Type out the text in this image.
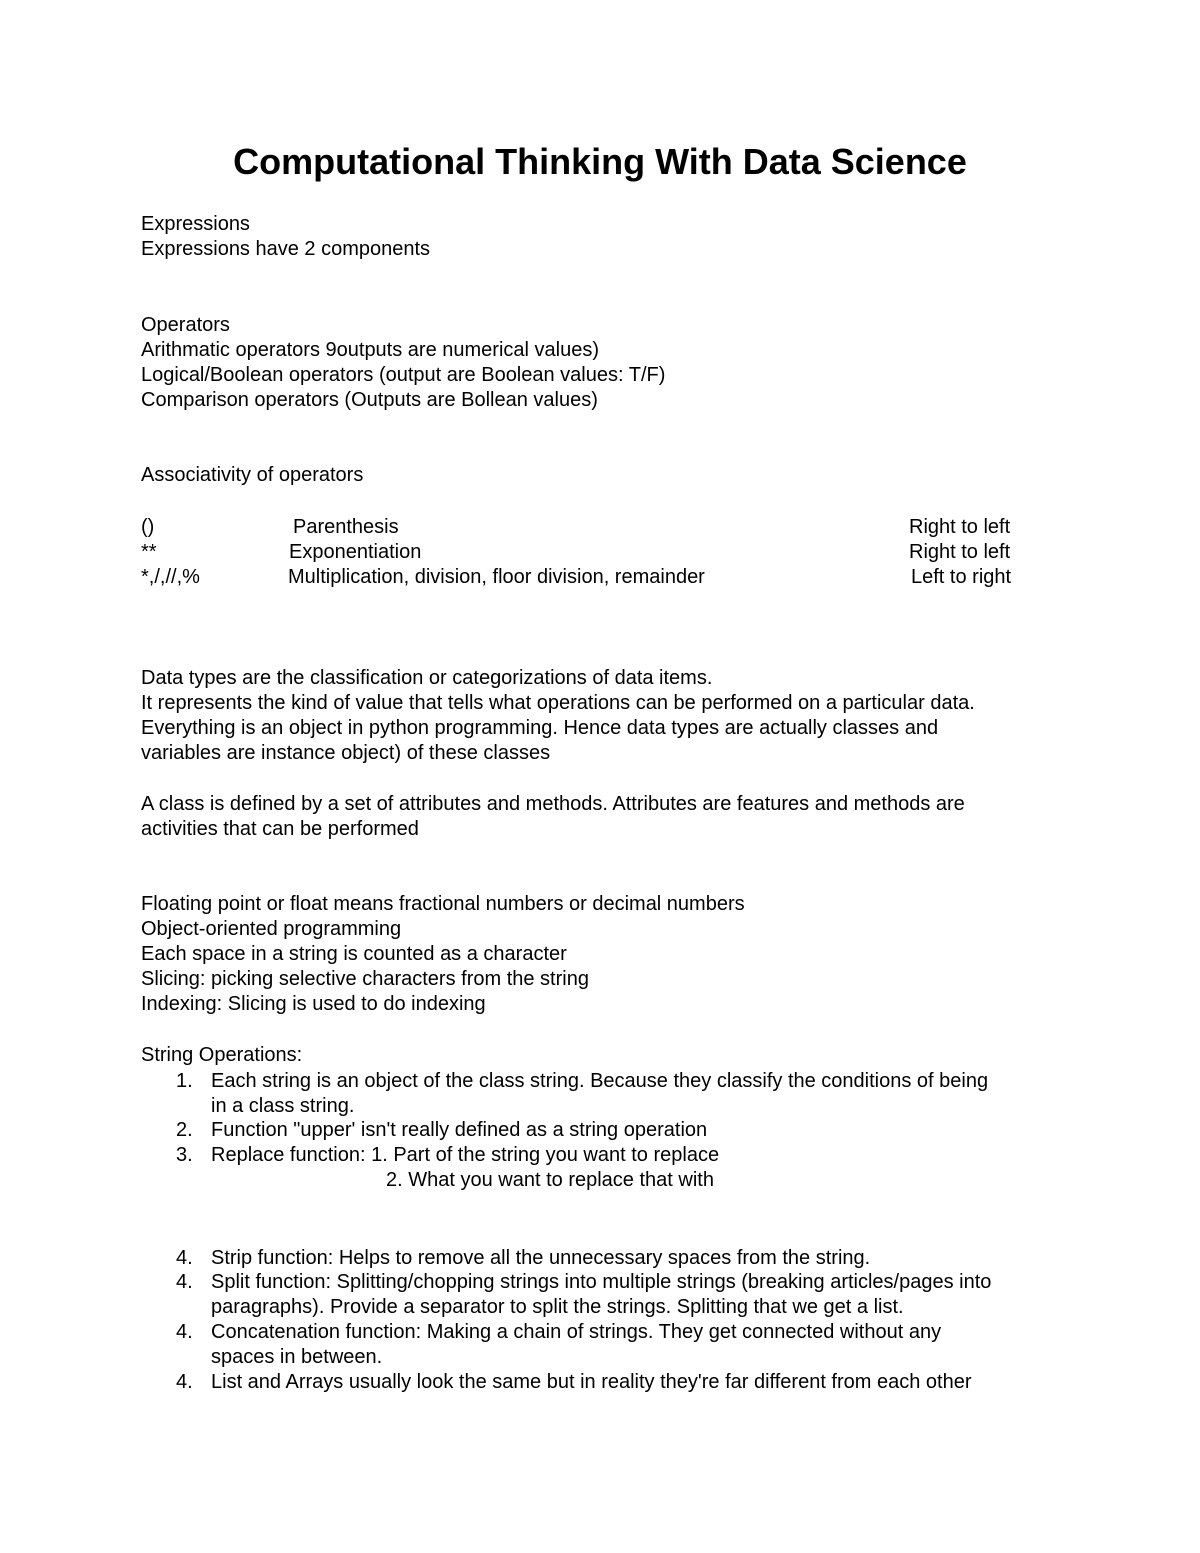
Computational Thinking With Data Science
Expressions
Expressions have 2 components
Operators
Arithmatic operators 9outputs are numerical values)
Logical/Boolean operators (output are Boolean values: T/F)
Comparison operators (Outputs are Bollean values)
Associativity of operators
()	Parenthesis	Right to left
**	Exponentiation	Right to left
*,/,//,%	Multiplication, division, floor division, remainder	Left to right
Data types are the classification or categorizations of data items.
It represents the kind of value that tells what operations can be performed on a particular data.
Everything is an object in python programming. Hence data types are actually classes and
variables are instance object) of these classes
A class is defined by a set of attributes and methods. Attributes are features and methods are
activities that can be performed
Floating point or float means fractional numbers or decimal numbers
Object-oriented programming
Each space in a string is counted as a character
Slicing: picking selective characters from the string
Indexing: Slicing is used to do indexing
String Operations:
1. Each string is an object of the class string. Because they classify the conditions of being
in a class string.
2. Function "upper' isn't really defined as a string operation
3. Replace function: 1. Part of the string you want to replace
2. What you want to replace that with
4. Strip function: Helps to remove all the unnecessary spaces from the string.
4. Split function: Splitting/chopping strings into multiple strings (breaking articles/pages into
paragraphs). Provide a separator to split the strings. Splitting that we get a list.
4. Concatenation function: Making a chain of strings. They get connected without any
spaces in between.
4. List and Arrays usually look the same but in reality they're far different from each other
